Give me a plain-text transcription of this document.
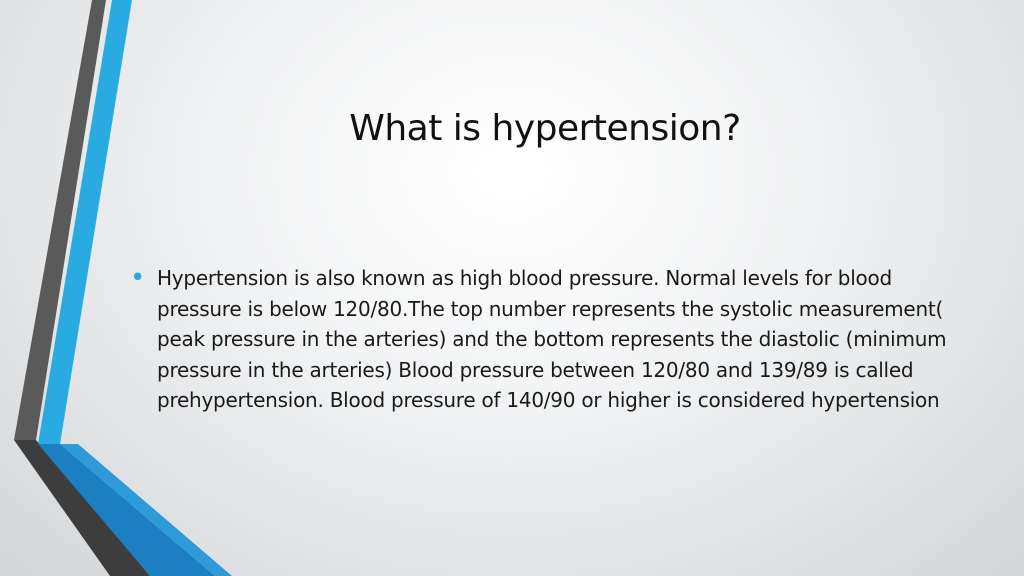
What is hypertension?
• Hypertension is also known as high blood pressure. Normal levels for blood pressure is below 120/80.The top number represents the systolic measurement( peak pressure in the arteries) and the bottom represents the diastolic (minimum pressure in the arteries) Blood pressure between 120/80 and 139/89 is called prehypertension. Blood pressure of 140/90 or higher is considered hypertension
